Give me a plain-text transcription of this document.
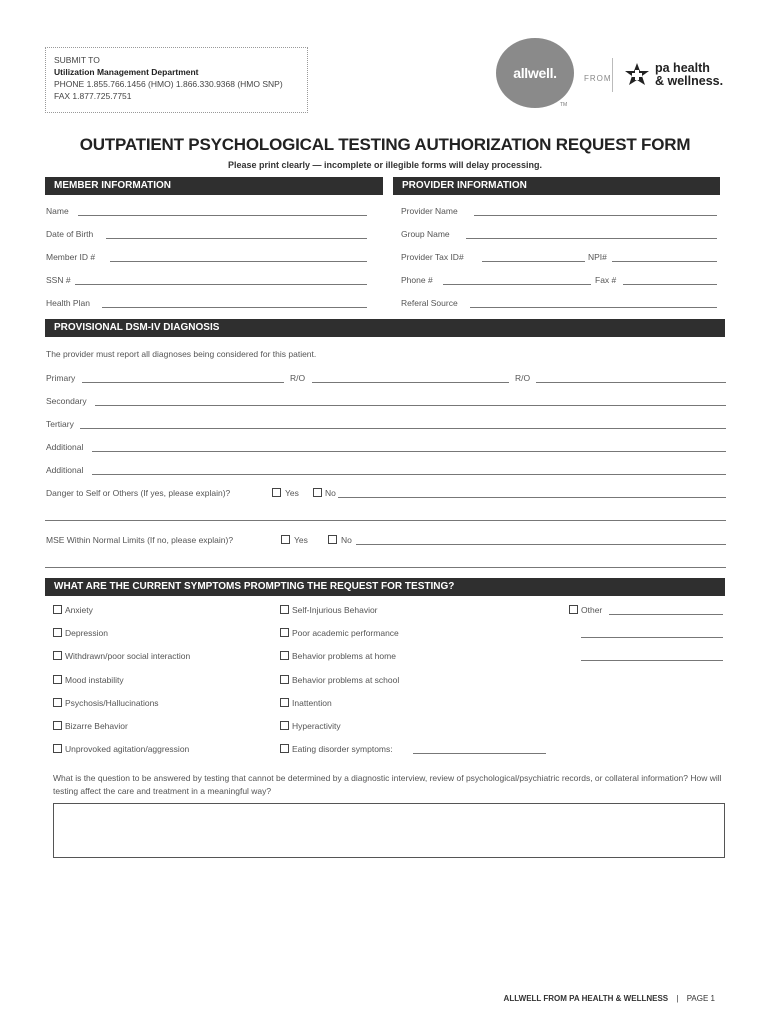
SUBMIT TO
Utilization Management Department
PHONE 1.855.766.1456 (HMO) 1.866.330.9368 (HMO SNP)
FAX 1.877.725.7751
allwell.
TM
FROM
pa health
& wellness.
OUTPATIENT PSYCHOLOGICAL TESTING AUTHORIZATION REQUEST FORM
Please print clearly — incomplete or illegible forms will delay processing.
MEMBER INFORMATION	PROVIDER INFORMATION
Name
Date of Birth
Member ID #
SSN #
Health Plan
Provider Name
Group Name
Provider Tax ID#	NPI#
Phone #	Fax #
Referal Source
PROVISIONAL DSM-IV DIAGNOSIS
The provider must report all diagnoses being considered for this patient.
Primary	R/O	R/O
Secondary
Tertiary
Additional
Additional
Danger to Self or Others (If yes, please explain)?	Yes	No
MSE Within Normal Limits (If no, please explain)?	Yes	No
WHAT ARE THE CURRENT SYMPTOMS PROMPTING THE REQUEST FOR TESTING?
Anxiety
Depression
Withdrawn/poor social interaction
Mood instability
Psychosis/Hallucinations
Bizarre Behavior
Unprovoked agitation/aggression
Self-Injurious Behavior
Poor academic performance
Behavior problems at home
Behavior problems at school
Inattention
Hyperactivity
Eating disorder symptoms:
Other
What is the question to be answered by testing that cannot be determined by a diagnostic interview, review of psychological/psychiatric records, or collateral information? How will testing affect the care and treatment in a meaningful way?
ALLWELL FROM PA HEALTH & WELLNESS | PAGE 1
